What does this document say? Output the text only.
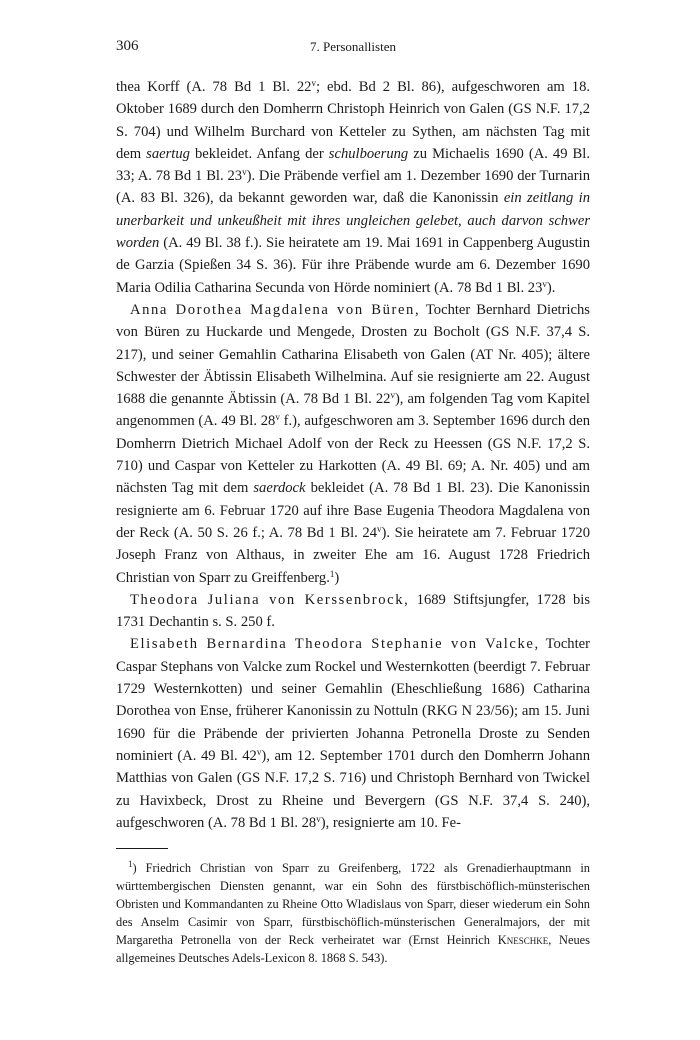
306	7. Personallisten

thea Korff (A. 78 Bd 1 Bl. 22$^v$; ebd. Bd 2 Bl. 86), aufgeschworen am 18. Oktober 1689 durch den Domherrn Christoph Heinrich von Galen (GS N.F. 17,2 S. 704) und Wilhelm Burchard von Ketteler zu Sythen, am nächsten Tag mit dem saertug bekleidet. Anfang der schulboerung zu Michaelis 1690 (A. 49 Bl. 33; A. 78 Bd 1 Bl. 23$^v$). Die Präbende verfiel am 1. Dezember 1690 der Turnarin (A. 83 Bl. 326), da bekannt geworden war, daß die Kanonissin ein zeitlang in unerbarkeit und unkeußheit mit ihres ungleichen gelebet, auch darvon schwer worden (A. 49 Bl. 38 f.). Sie heiratete am 19. Mai 1691 in Cappenberg Augustin de Garzia (Spießen 34 S. 36). Für ihre Präbende wurde am 6. Dezember 1690 Maria Odilia Catharina Secunda von Hörde nominiert (A. 78 Bd 1 Bl. 23$^v$).

Anna Dorothea Magdalena von Büren, Tochter Bernhard Dietrichs von Büren zu Huckarde und Mengede, Drosten zu Bocholt (GS N.F. 37,4 S. 217), und seiner Gemahlin Catharina Elisabeth von Galen (AT Nr. 405); ältere Schwester der Äbtissin Elisabeth Wilhelmina. Auf sie resignierte am 22. August 1688 die genannte Äbtissin (A. 78 Bd 1 Bl. 22$^v$), am folgenden Tag vom Kapitel angenommen (A. 49 Bl. 28$^v$ f.), aufgeschworen am 3. September 1696 durch den Domherrn Dietrich Michael Adolf von der Reck zu Heessen (GS N.F. 17,2 S. 710) und Caspar von Ketteler zu Harkotten (A. 49 Bl. 69; A. Nr. 405) und am nächsten Tag mit dem saerdock bekleidet (A. 78 Bd 1 Bl. 23). Die Kanonissin resignierte am 6. Februar 1720 auf ihre Base Eugenia Theodora Magdalena von der Reck (A. 50 S. 26 f.; A. 78 Bd 1 Bl. 24$^v$). Sie heiratete am 7. Februar 1720 Joseph Franz von Althaus, in zweiter Ehe am 16. August 1728 Friedrich Christian von Sparr zu Greiffenberg.$^1$)

Theodora Juliana von Kerssenbrock, 1689 Stiftsjungfer, 1728 bis 1731 Dechantin s. S. 250 f.

Elisabeth Bernardina Theodora Stephanie von Valcke, Tochter Caspar Stephans von Valcke zum Rockel und Westernkotten (beerdigt 7. Februar 1729 Westernkotten) und seiner Gemahlin (Eheschließung 1686) Catharina Dorothea von Ense, früherer Kanonissin zu Nottuln (RKG N 23/56); am 15. Juni 1690 für die Präbende der privierten Johanna Petronella Droste zu Senden nominiert (A. 49 Bl. 42$^v$), am 12. September 1701 durch den Domherrn Johann Matthias von Galen (GS N.F. 17,2 S. 716) und Christoph Bernhard von Twickel zu Havixbeck, Drost zu Rheine und Bevergern (GS N.F. 37,4 S. 240), aufgeschworen (A. 78 Bd 1 Bl. 28$^v$), resignierte am 10. Fe-

$^1$) Friedrich Christian von Sparr zu Greifenberg, 1722 als Grenadierhauptmann in württembergischen Diensten genannt, war ein Sohn des fürstbischöflich-münsterischen Obristen und Kommandanten zu Rheine Otto Wladislaus von Sparr, dieser wiederum ein Sohn des Anselm Casimir von Sparr, fürstbischöflich-münsterischen Generalmajors, der mit Margaretha Petronella von der Reck verheiratet war (Ernst Heinrich Kneschke, Neues allgemeines Deutsches Adels-Lexicon 8. 1868 S. 543).
